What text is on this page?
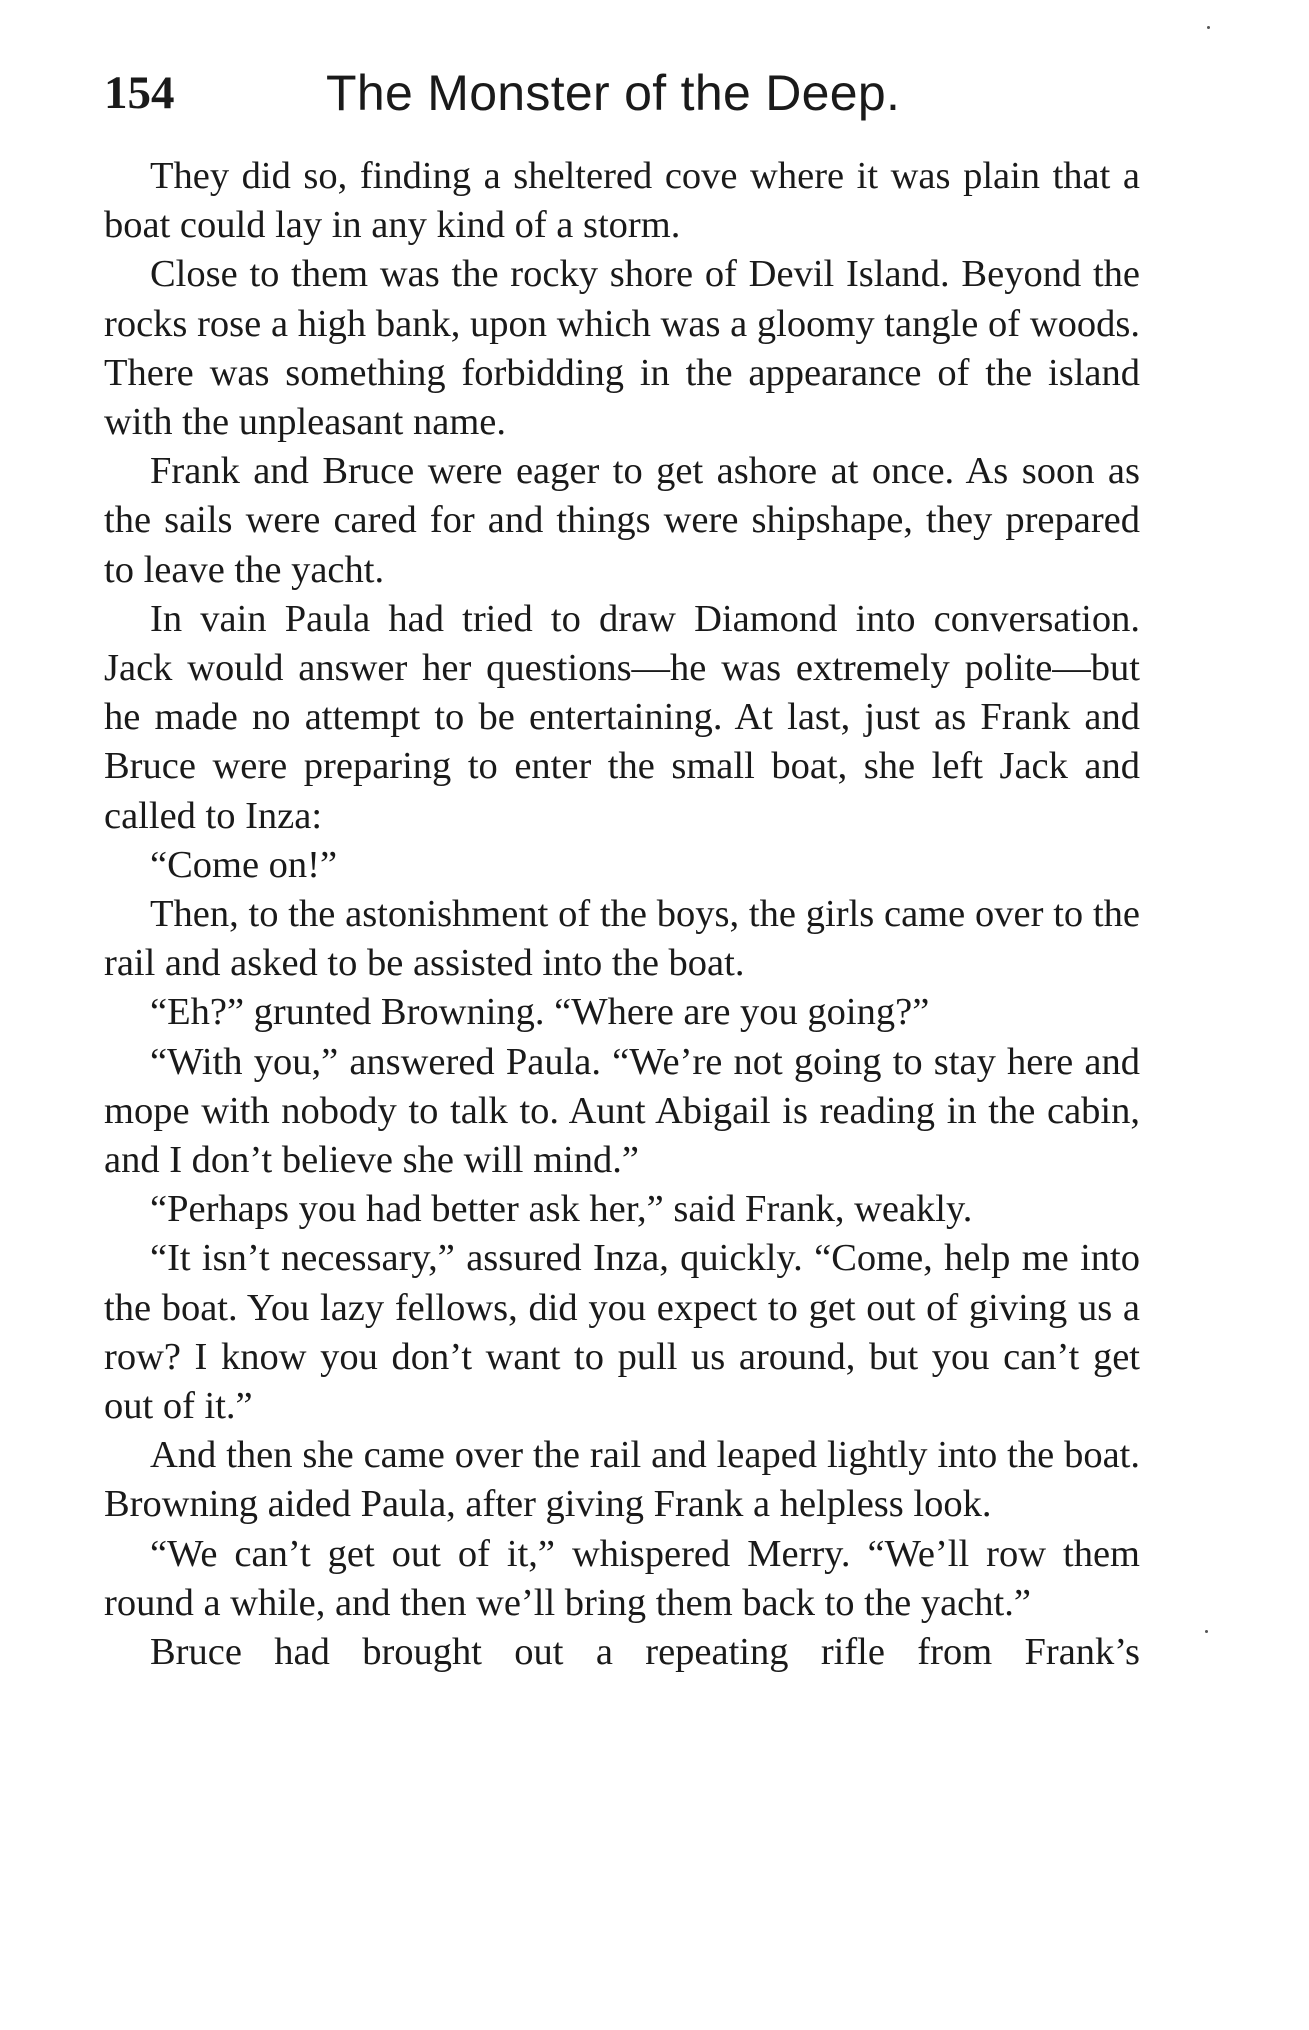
154	The Monster of the Deep.

They did so, finding a sheltered cove where it was plain that a boat could lay in any kind of a storm.

Close to them was the rocky shore of Devil Island. Beyond the rocks rose a high bank, upon which was a gloomy tangle of woods. There was something forbidding in the appearance of the island with the unpleasant name.

Frank and Bruce were eager to get ashore at once. As soon as the sails were cared for and things were shipshape, they prepared to leave the yacht.

In vain Paula had tried to draw Diamond into conversation. Jack would answer her questions—he was extremely polite—but he made no attempt to be entertaining. At last, just as Frank and Bruce were preparing to enter the small boat, she left Jack and called to Inza:

“Come on!”

Then, to the astonishment of the boys, the girls came over to the rail and asked to be assisted into the boat.

“Eh?” grunted Browning. “Where are you going?”

“With you,” answered Paula. “We’re not going to stay here and mope with nobody to talk to. Aunt Abigail is reading in the cabin, and I don’t believe she will mind.”

“Perhaps you had better ask her,” said Frank, weakly.

“It isn’t necessary,” assured Inza, quickly. “Come, help me into the boat. You lazy fellows, did you expect to get out of giving us a row? I know you don’t want to pull us around, but you can’t get out of it.”

And then she came over the rail and leaped lightly into the boat. Browning aided Paula, after giving Frank a helpless look.

“We can’t get out of it,” whispered Merry. “We’ll row them round a while, and then we’ll bring them back to the yacht.”

Bruce had brought out a repeating rifle from Frank’s
